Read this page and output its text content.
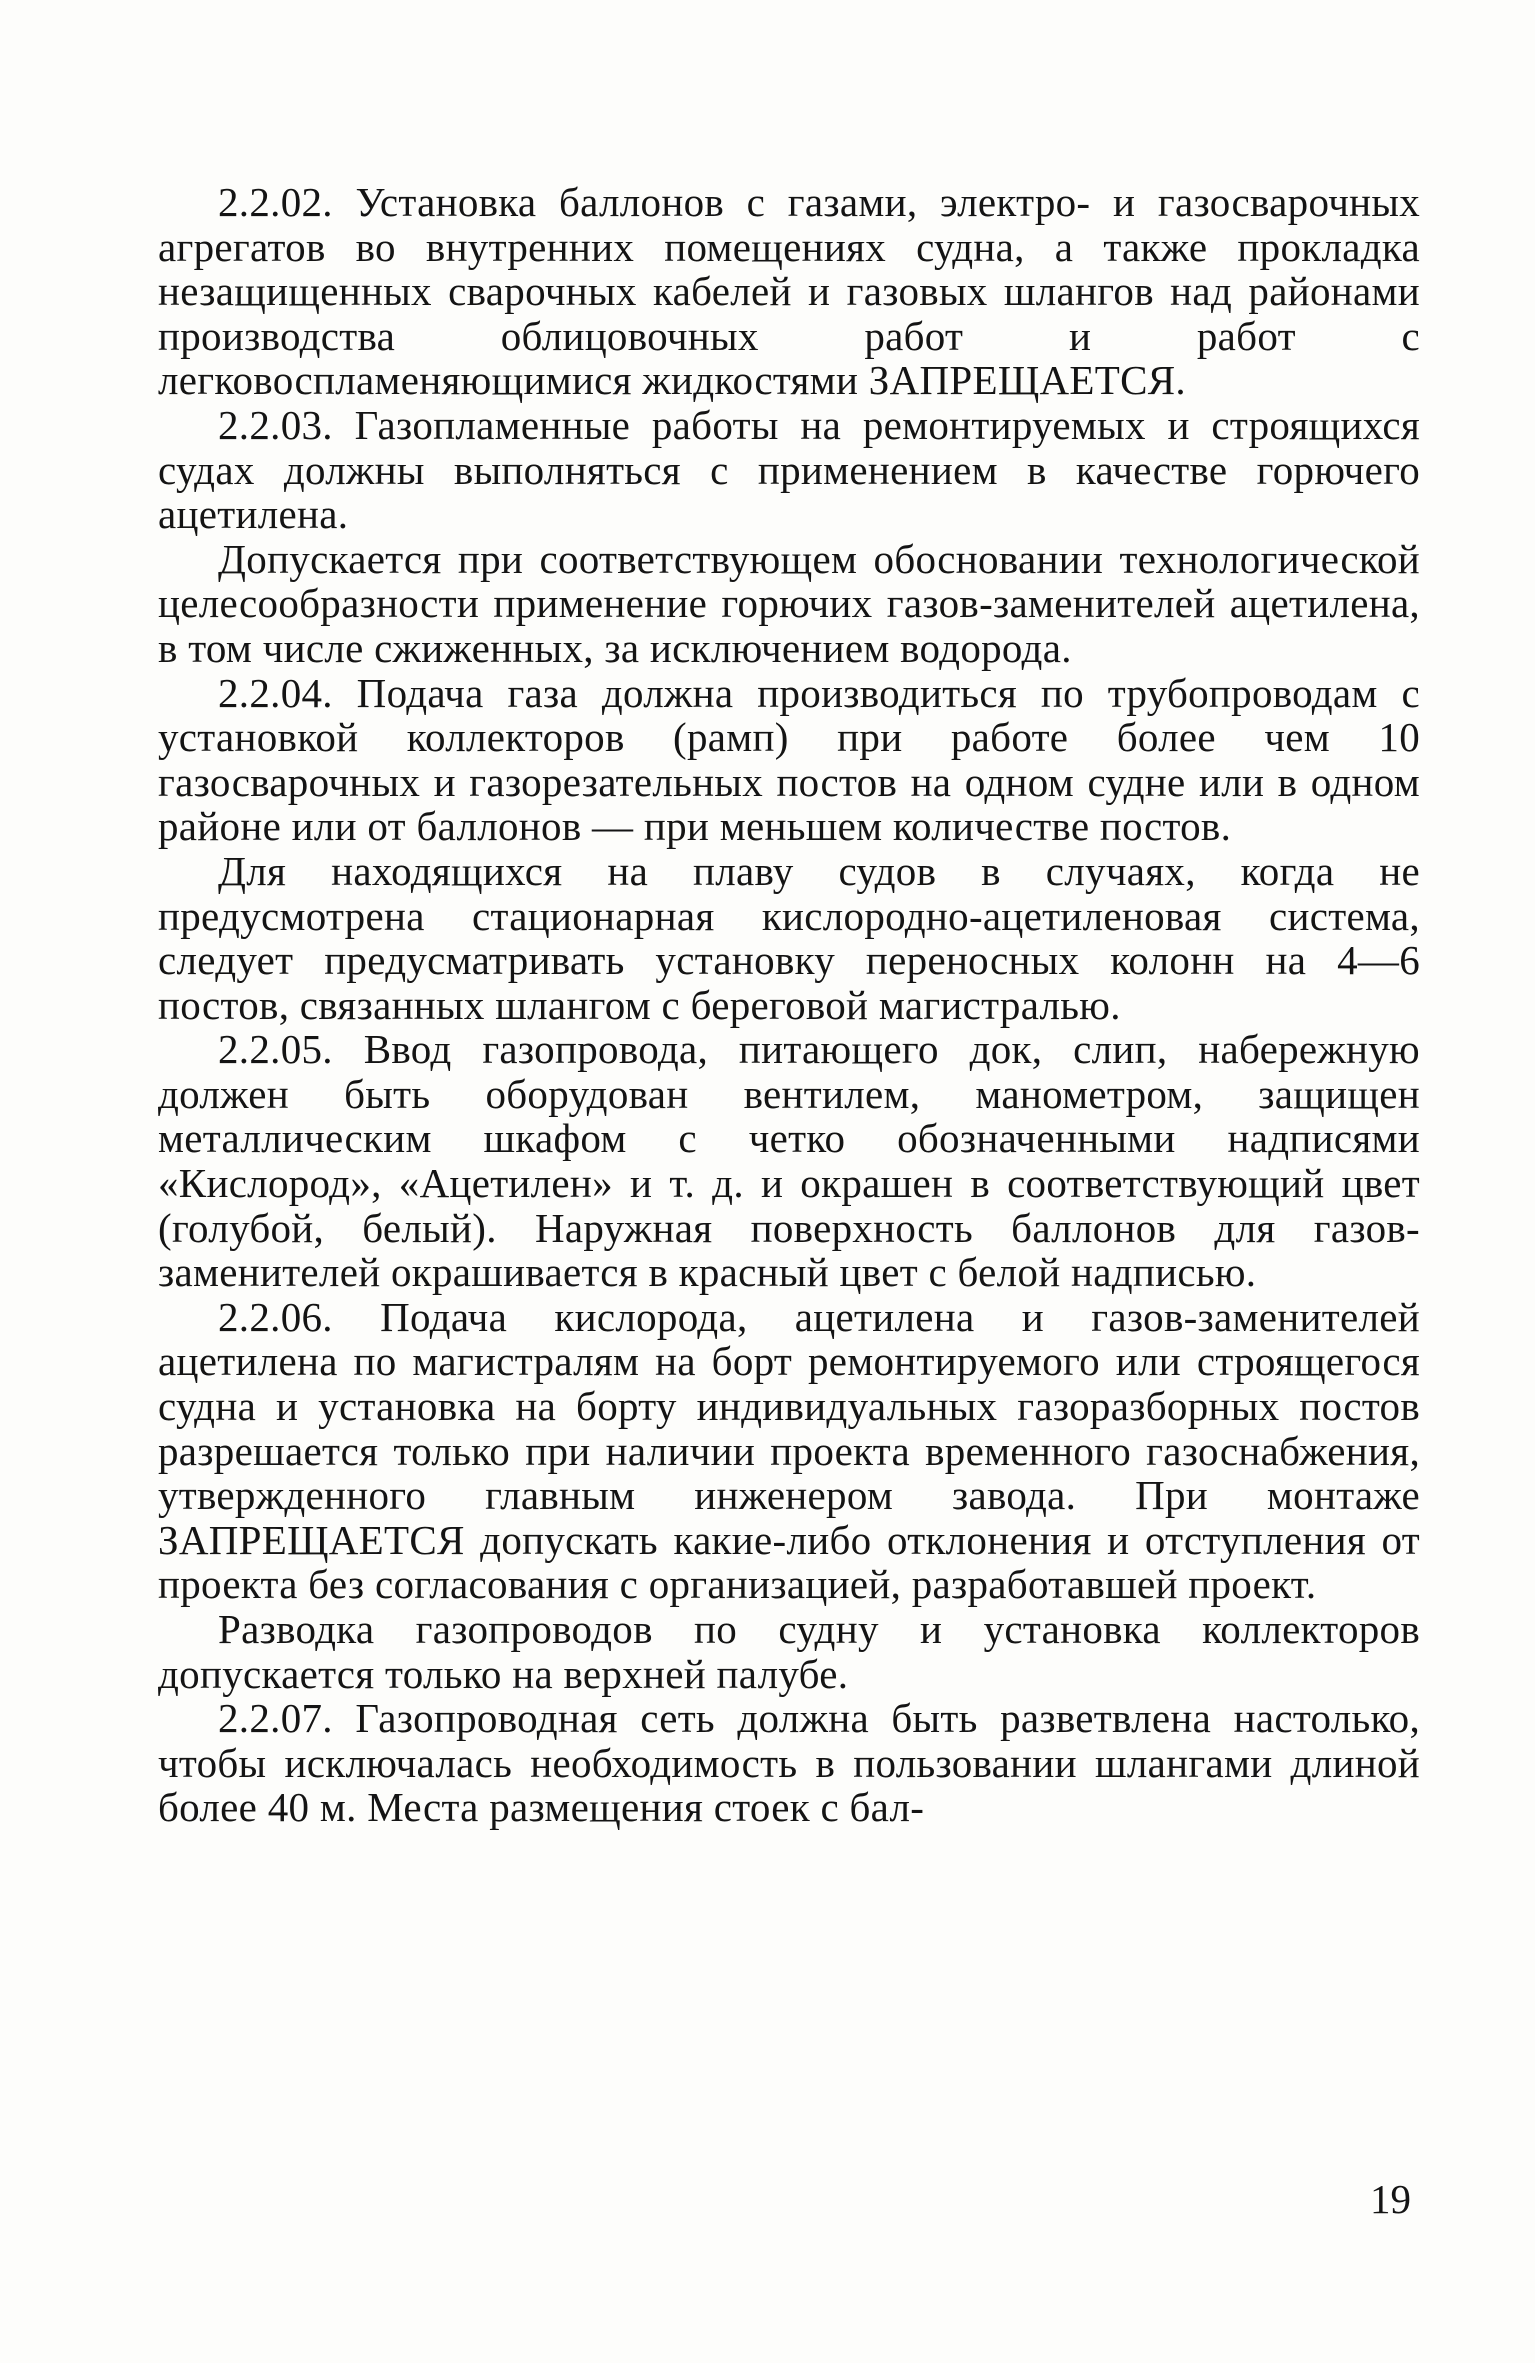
2.2.02. Установка баллонов с газами, электро- и газосварочных агрегатов во внутренних помещениях судна, а также прокладка незащищенных сварочных кабелей и газовых шлангов над районами производства облицовочных работ и работ с легковоспламеняющимися жидкостями ЗАПРЕЩАЕТСЯ.

2.2.03. Газопламенные работы на ремонтируемых и строящихся судах должны выполняться с применением в качестве горючего ацетилена.

Допускается при соответствующем обосновании технологической целесообразности применение горючих газов-заменителей ацетилена, в том числе сжиженных, за исключением водорода.

2.2.04. Подача газа должна производиться по трубопроводам с установкой коллекторов (рамп) при работе более чем 10 газосварочных и газорезательных постов на одном судне или в одном районе или от баллонов — при меньшем количестве постов.

Для находящихся на плаву судов в случаях, когда не предусмотрена стационарная кислородно-ацетиленовая система, следует предусматривать установку переносных колонн на 4—6 постов, связанных шлангом с береговой магистралью.

2.2.05. Ввод газопровода, питающего док, слип, набережную должен быть оборудован вентилем, манометром, защищен металлическим шкафом с четко обозначенными надписями «Кислород», «Ацетилен» и т. д. и окрашен в соответствующий цвет (голубой, белый). Наружная поверхность баллонов для газов-заменителей окрашивается в красный цвет с белой надписью.

2.2.06. Подача кислорода, ацетилена и газов-заменителей ацетилена по магистралям на борт ремонтируемого или строящегося судна и установка на борту индивидуальных газоразборных постов разрешается только при наличии проекта временного газоснабжения, утвержденного главным инженером завода. При монтаже ЗАПРЕЩАЕТСЯ допускать какие-либо отклонения и отступления от проекта без согласования с организацией, разработавшей проект.

Разводка газопроводов по судну и установка коллекторов допускается только на верхней палубе.

2.2.07. Газопроводная сеть должна быть разветвлена настолько, чтобы исключалась необходимость в пользовании шлангами длиной более 40 м. Места размещения стоек с бал-

19
